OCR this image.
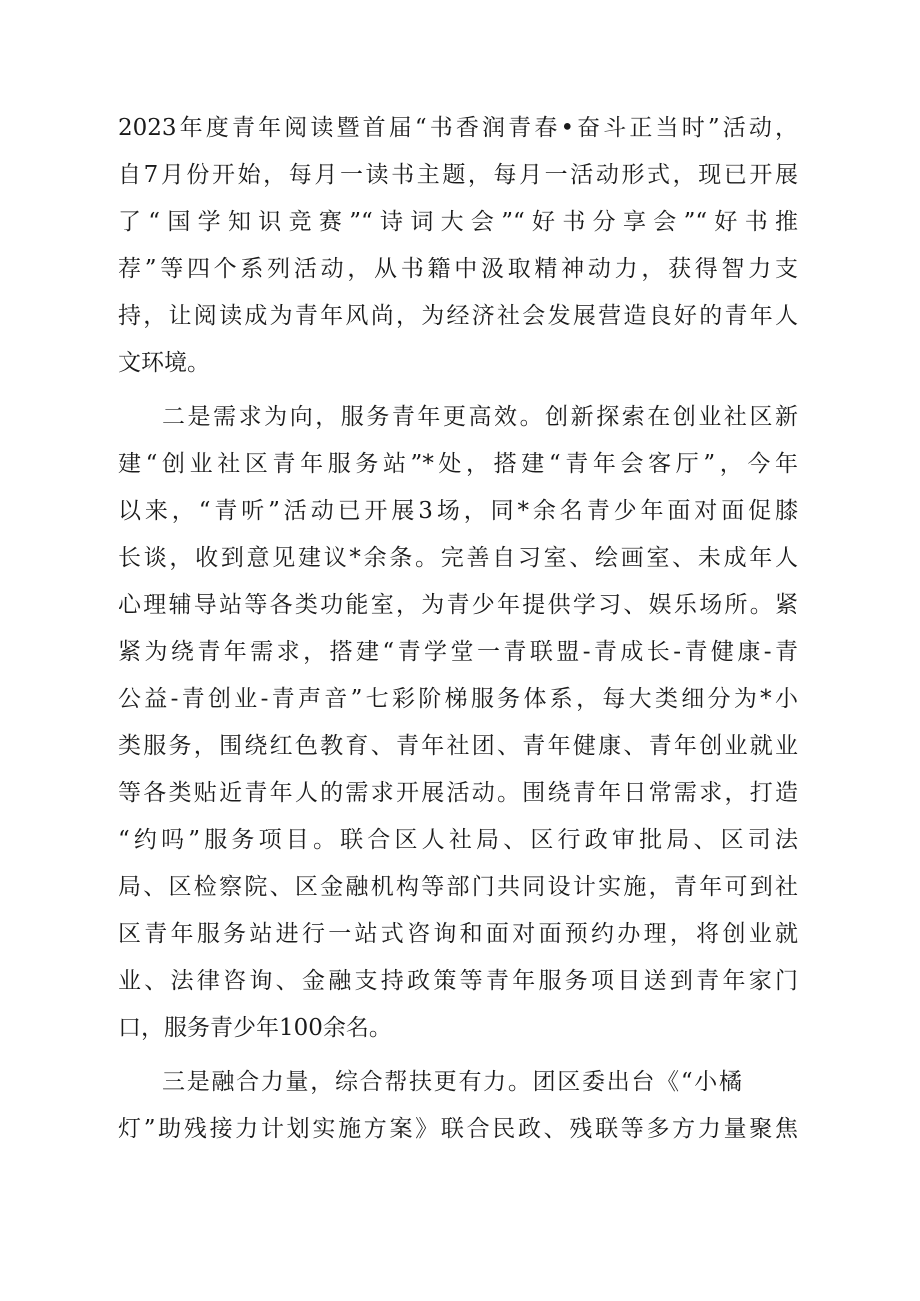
2023年度青年阅读暨首届“书香润青春•奋斗正当时”活动，
自7月份开始，每月一读书主题，每月一活动形式，现已开展
了“国学知识竞赛”“诗词大会”“好书分享会”“好书推
荐”等四个系列活动，从书籍中汲取精神动力，获得智力支
持，让阅读成为青年风尚，为经济社会发展营造良好的青年人
文环境。
二是需求为向，服务青年更高效。创新探索在创业社区新
建“创业社区青年服务站”*处，搭建“青年会客厅”，今年
以来，“青听”活动已开展3场，同*余名青少年面对面促膝
长谈，收到意见建议*余条。完善自习室、绘画室、未成年人
心理辅导站等各类功能室，为青少年提供学习、娱乐场所。紧
紧为绕青年需求，搭建“青学堂一青联盟-青成长-青健康-青
公益-青创业-青声音”七彩阶梯服务体系，每大类细分为*小
类服务，围绕红色教育、青年社团、青年健康、青年创业就业
等各类贴近青年人的需求开展活动。围绕青年日常需求，打造
“约吗”服务项目。联合区人社局、区行政审批局、区司法
局、区检察院、区金融机构等部门共同设计实施，青年可到社
区青年服务站进行一站式咨询和面对面预约办理，将创业就
业、法律咨询、金融支持政策等青年服务项目送到青年家门
口，服务青少年100余名。
三是融合力量，综合帮扶更有力。团区委出台《“小橘
灯”助残接力计划实施方案》联合民政、残联等多方力量聚焦
